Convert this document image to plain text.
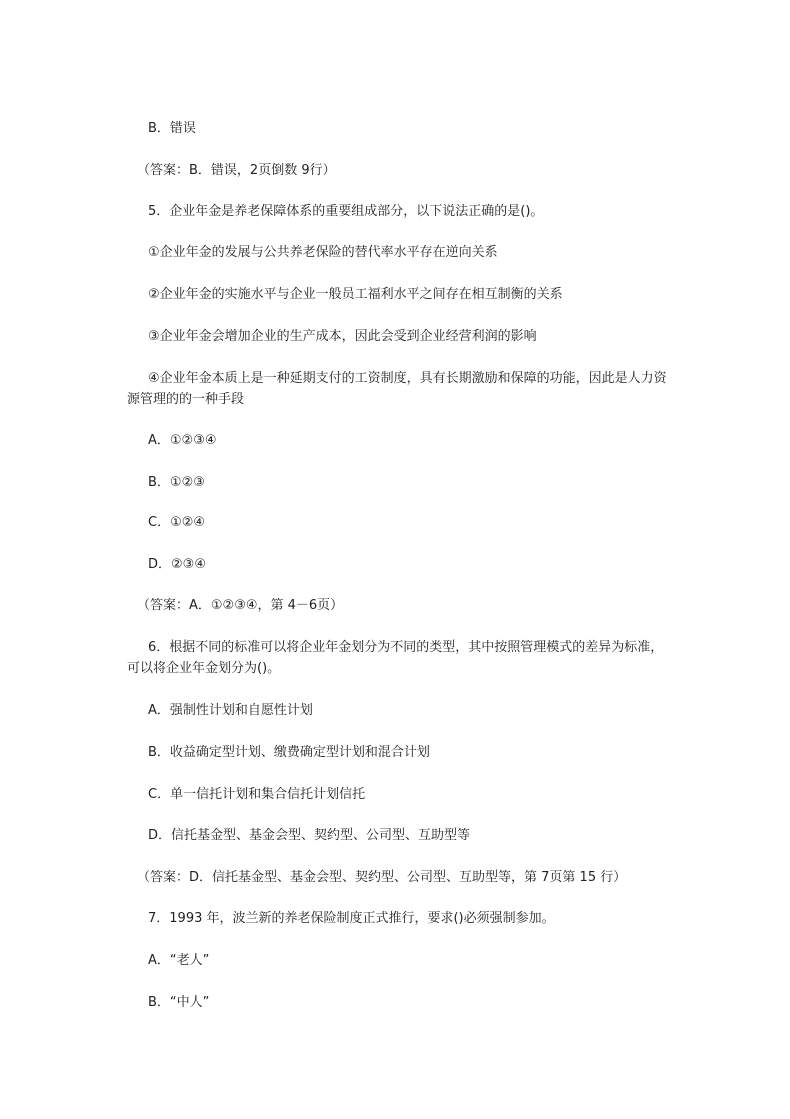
B．错误
（答案：B．错误，2页倒数 9行）
5．企业年金是养老保障体系的重要组成部分，以下说法正确的是()。
①企业年金的发展与公共养老保险的替代率水平存在逆向关系
②企业年金的实施水平与企业一般员工福利水平之间存在相互制衡的关系
③企业年金会增加企业的生产成本，因此会受到企业经营利润的影响
④企业年金本质上是一种延期支付的工资制度，具有长期激励和保障的功能，因此是人力资源管理的的一种手段
A．①②③④
B．①②③
C．①②④
D．②③④
（答案：A．①②③④，第 4－6页）
6．根据不同的标准可以将企业年金划分为不同的类型，其中按照管理模式的差异为标准，可以将企业年金划分为()。
A．强制性计划和自愿性计划
B．收益确定型计划、缴费确定型计划和混合计划
C．单一信托计划和集合信托计划信托
D．信托基金型、基金会型、契约型、公司型、互助型等
（答案：D．信托基金型、基金会型、契约型、公司型、互助型等，第 7页第 15 行）
7．1993 年，波兰新的养老保险制度正式推行，要求()必须强制参加。
A．“老人”
B．“中人”
